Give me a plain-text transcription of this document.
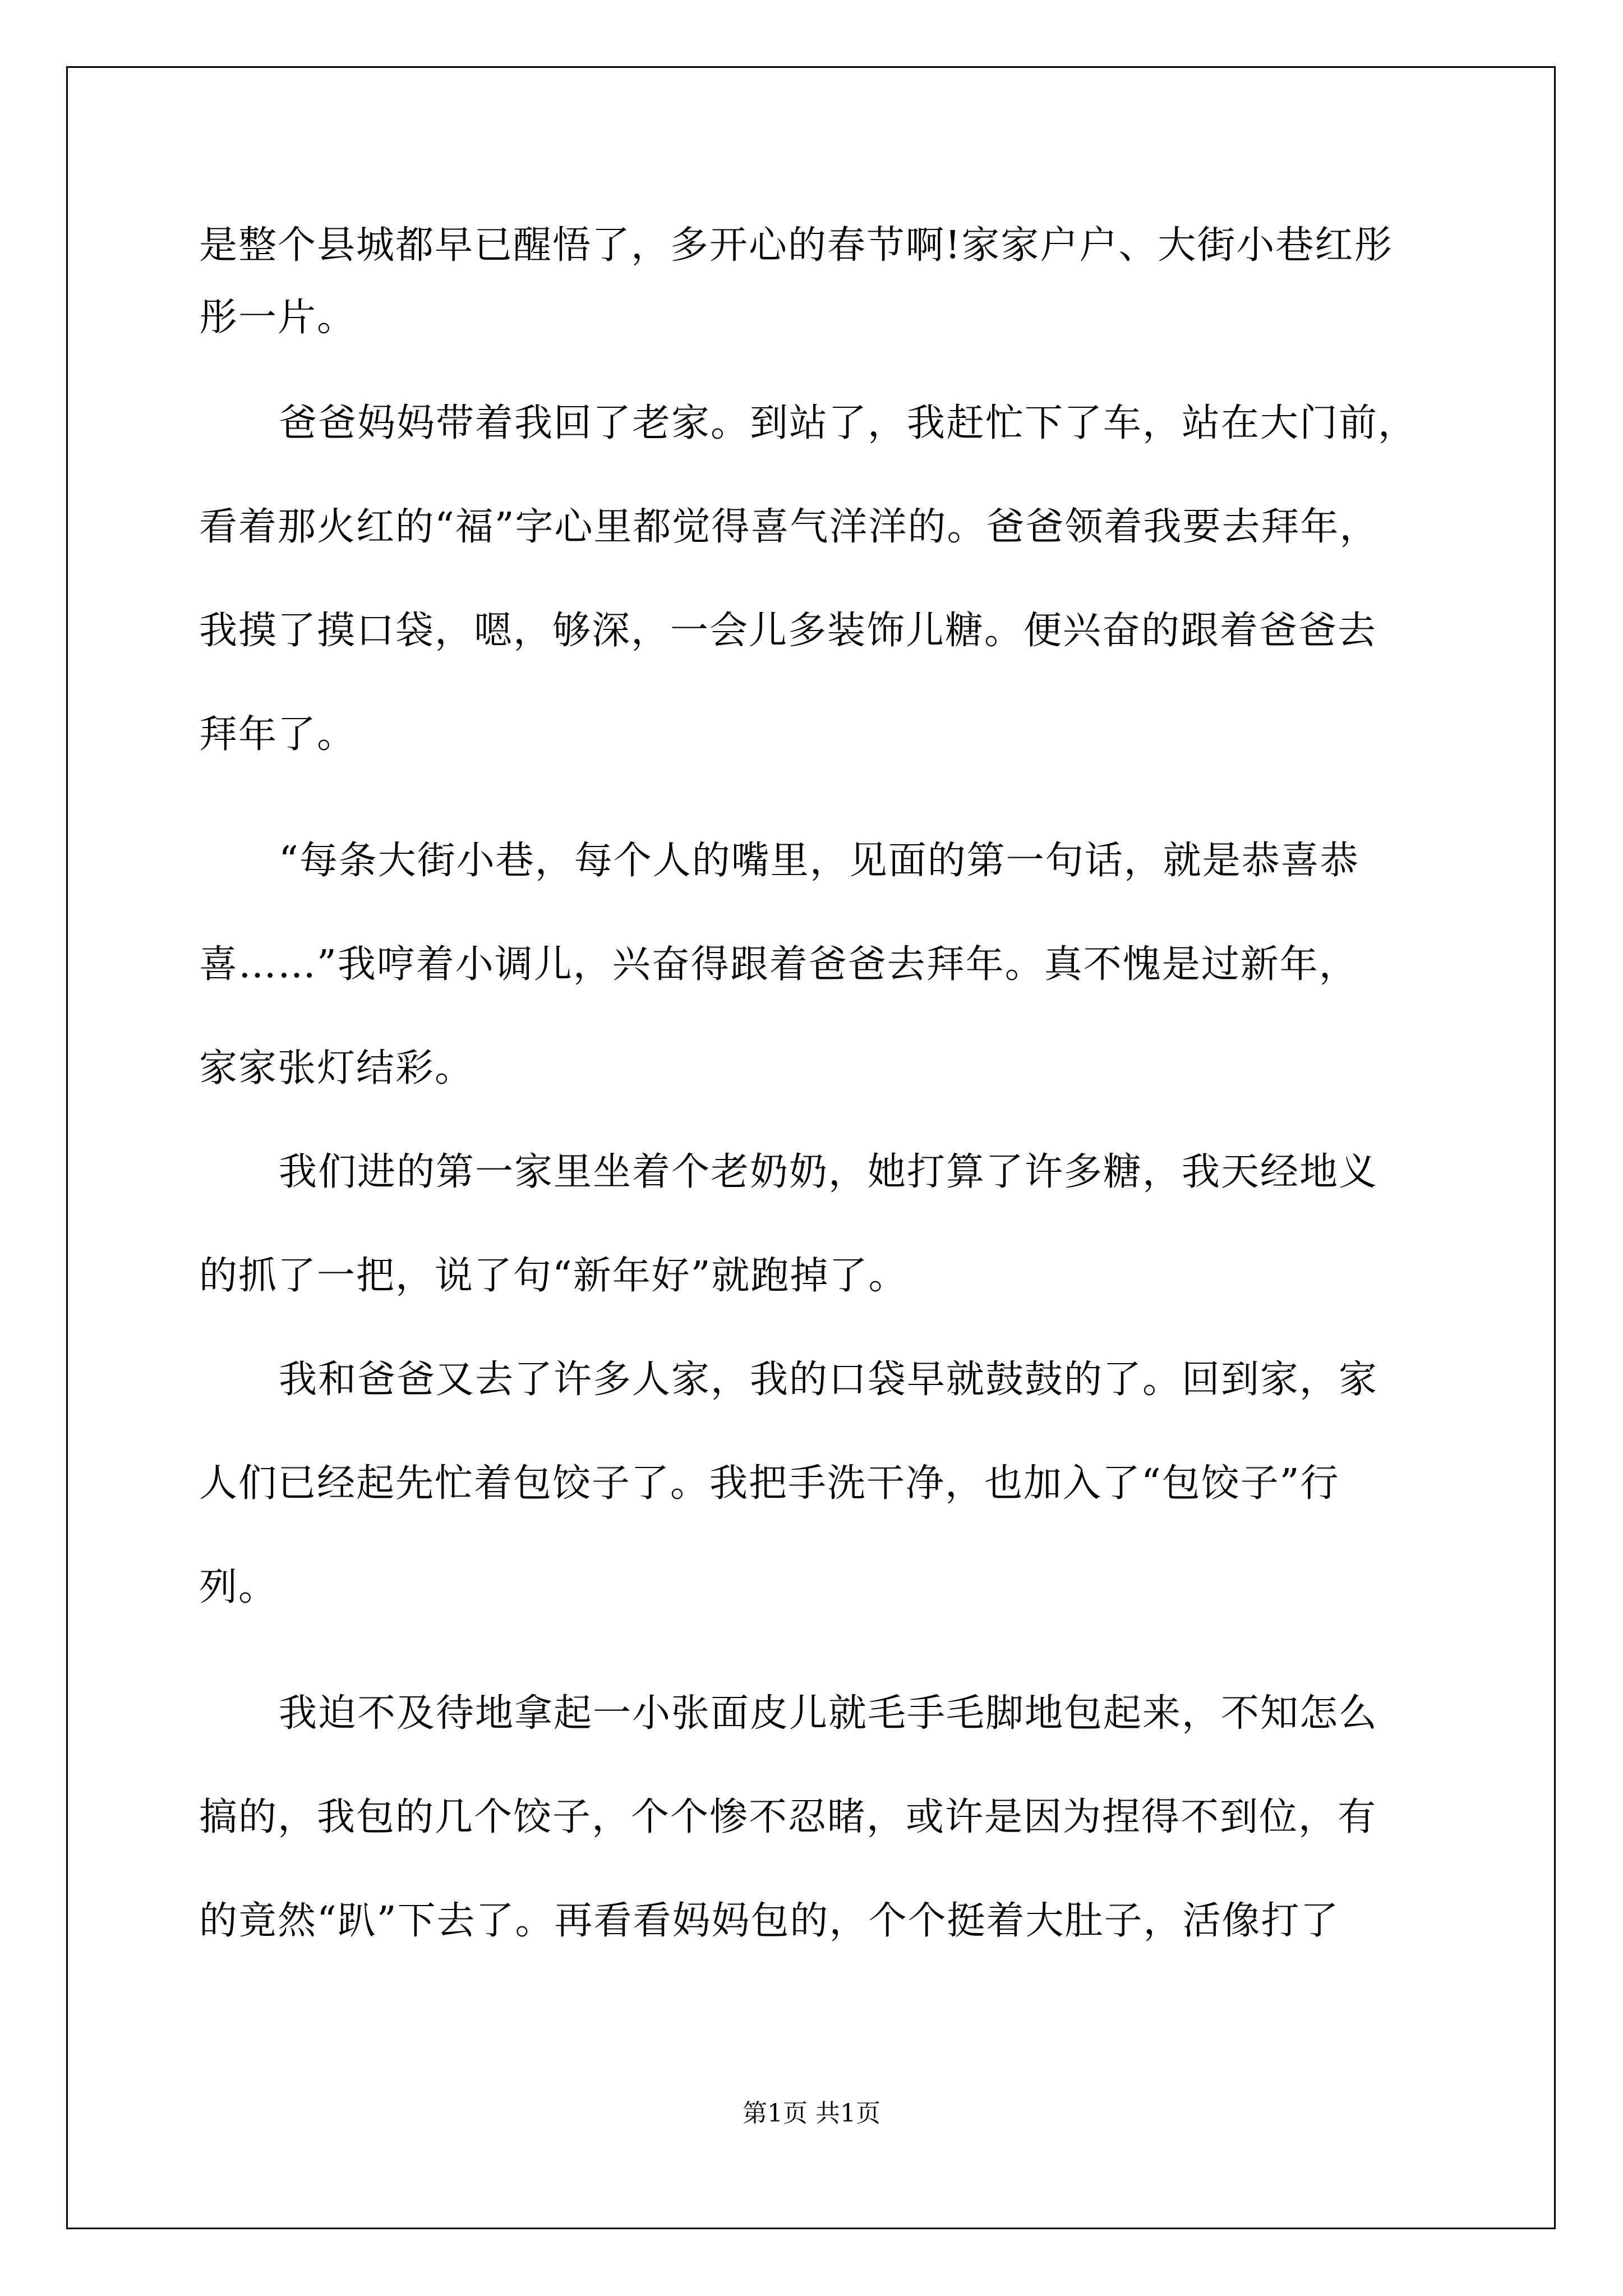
是整个县城都早已醒悟了，多开心的春节啊!家家户户、大街小巷红彤
彤一片。
爸爸妈妈带着我回了老家。到站了，我赶忙下了车，站在大门前，
看着那火红的“福”字心里都觉得喜气洋洋的。爸爸领着我要去拜年，
我摸了摸口袋，嗯，够深，一会儿多装饰儿糖。便兴奋的跟着爸爸去
拜年了。
“每条大街小巷，每个人的嘴里，见面的第一句话，就是恭喜恭
喜……”我哼着小调儿，兴奋得跟着爸爸去拜年。真不愧是过新年，
家家张灯结彩。
我们进的第一家里坐着个老奶奶，她打算了许多糖，我天经地义
的抓了一把，说了句“新年好”就跑掉了。
我和爸爸又去了许多人家，我的口袋早就鼓鼓的了。回到家，家
人们已经起先忙着包饺子了。我把手洗干净，也加入了“包饺子”行
列。
我迫不及待地拿起一小张面皮儿就毛手毛脚地包起来，不知怎么
搞的，我包的几个饺子，个个惨不忍睹，或许是因为捏得不到位，有
的竟然“趴”下去了。再看看妈妈包的，个个挺着大肚子，活像打了
第1页 共1页
